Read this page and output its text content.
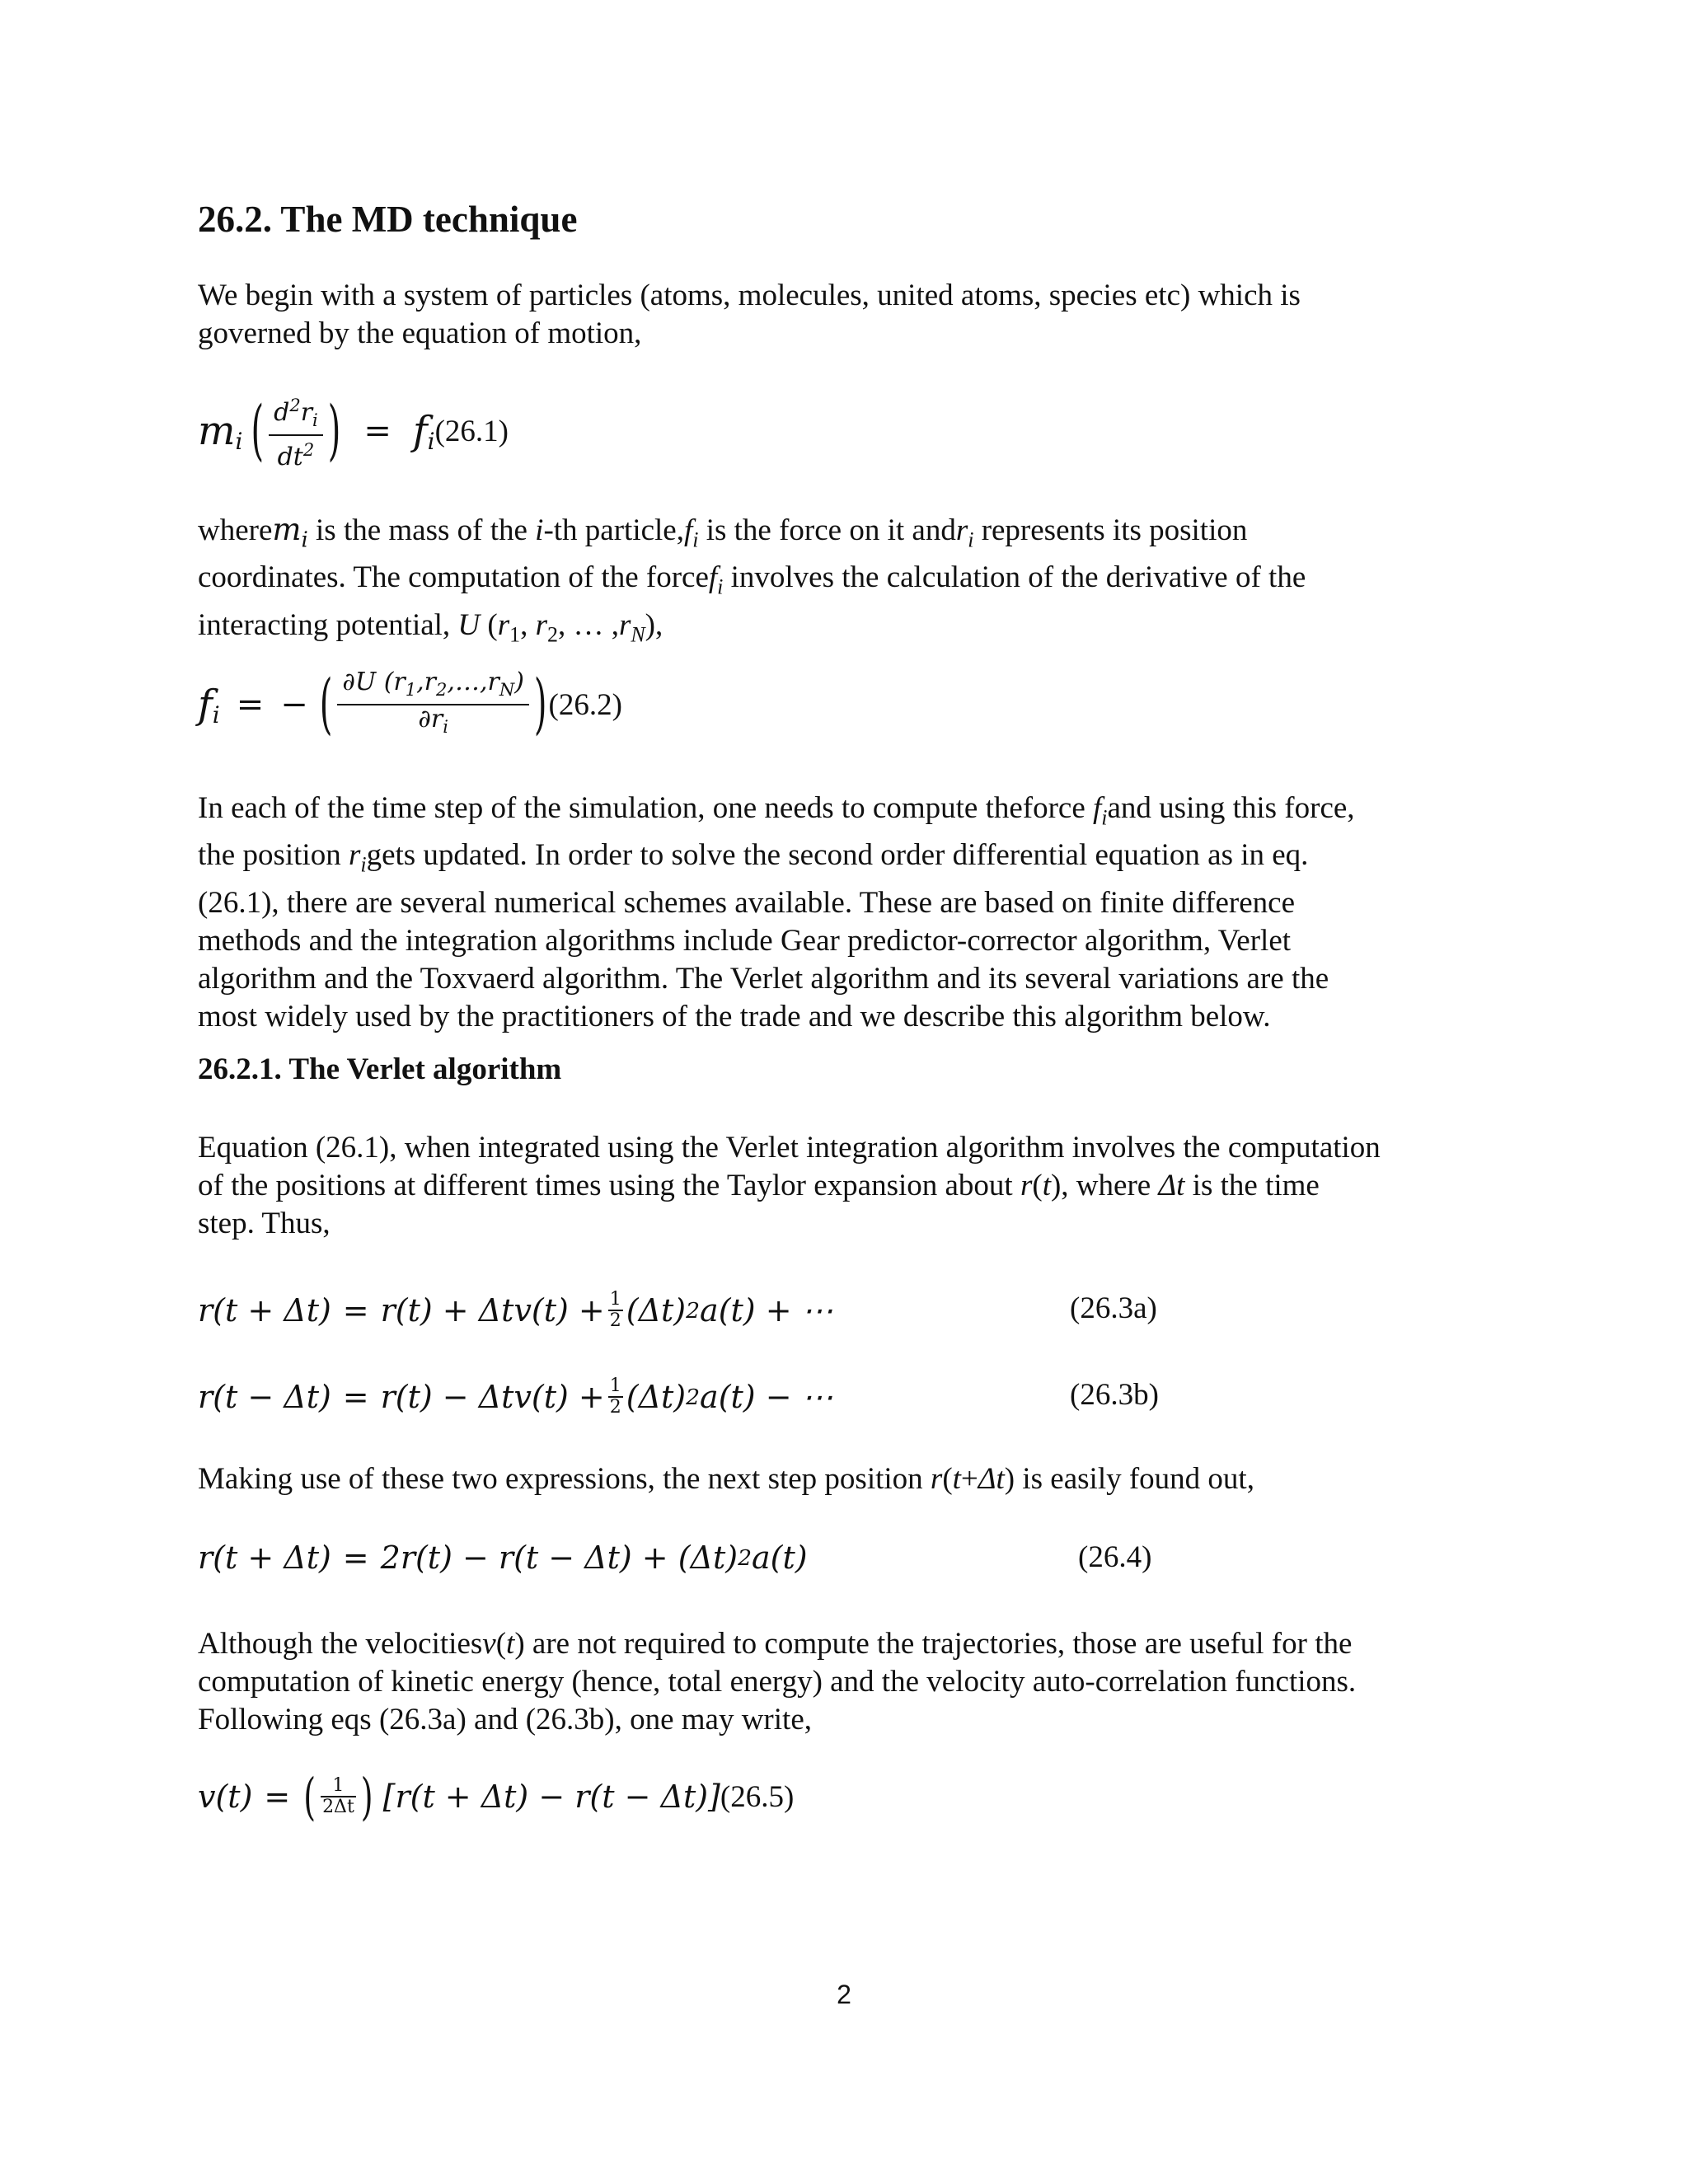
26.2. The MD technique

We begin with a system of particles (atoms, molecules, united atoms, species etc) which is

governed by the equation of motion,

$m_i$ ( $\frac{d^2r_i}{dt^2}$ ) = $f_i$ (26.1)

wherem$_i$ is the mass of the i-th $particle,f_i$ is the force on it andr$_i$ represents its position

coordinates. The computation of the forcef$_i$ involves the calculation of the derivative of the

interacting potential, U ($r_1$, $r_2$, … $,r_N$),

$f_i$ = − ( $\frac{\partial U (r_1,r_2,\dots,r_N)}{\partial r_i}$ ) (26.2)

In each of the time step of the simulation, one needs to compute theforce $f_iand$ using this force,

the position $r_igets$ updated. In order to solve the second order differential equation as in eq.

(26.1), there are several numerical schemes available. These are based on finite difference

methods and the integration algorithms include Gear predictor-corrector algorithm, Verlet

algorithm and the Toxvaerd algorithm. The Verlet algorithm and its several variations are the

most widely used by the practitioners of the trade and we describe this algorithm below.

26.2.1. The Verlet algorithm

Equation (26.1), when integrated using the Verlet integration algorithm involves the computation

of the positions at different times using the Taylor expansion about r(t), where Δt is the time

step. Thus,

$r(t + \Delta t) = r(t) + \Delta tv(t) + \frac{1}{2} (\Delta t)$ 2 a(t) + ⋯	(26.3a)
$r(t - \Delta t) = r(t) - \Delta tv(t) + \frac{1}{2} (\Delta t)$ 2 a(t) − ⋯	(26.3b)

Making use of these two expressions, the next step position r(t+Δt) is easily found out,

r(t + Δt) = 2r(t) − r(t − Δt) + (Δt) 2 a(t)	(26.4)

Although the velocitiesv(t) are not required to compute the trajectories, those are useful for the

computation of kinetic energy (hence, total energy) and the velocity auto-correlation functions.

Following eqs (26.3a) and (26.3b), one may write,

v(t) = ( $\frac{1}{2\Delta t}$ ) [r(t + Δt) − r(t − Δt)] (26.5)
2
